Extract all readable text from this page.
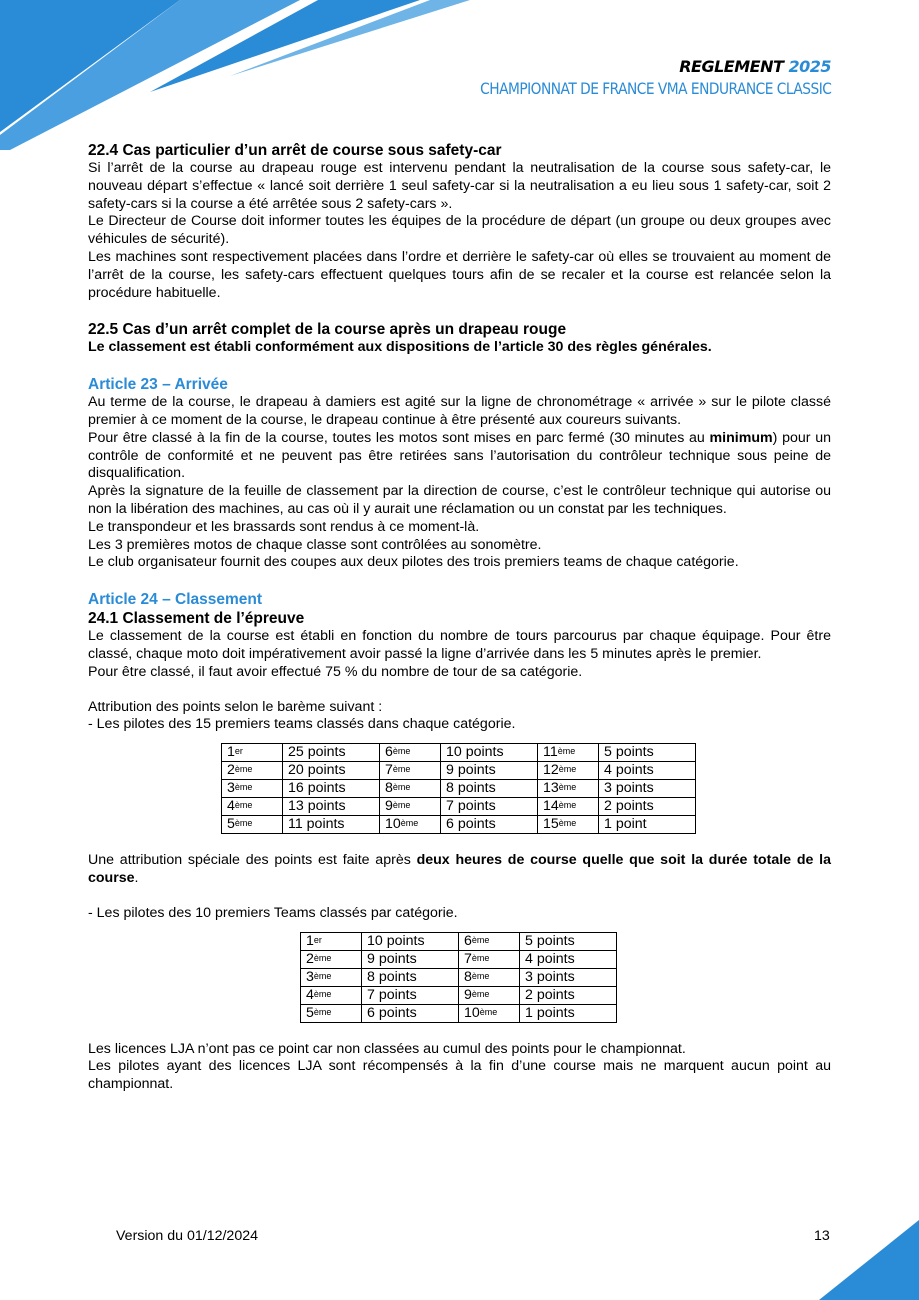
REGLEMENT 2025
CHAMPIONNAT DE FRANCE VMA ENDURANCE CLASSIC
22.4 Cas particulier d’un arrêt de course sous safety-car

Si l’arrêt de la course au drapeau rouge est intervenu pendant la neutralisation de la course sous safety-car, le nouveau départ s’effectue « lancé soit derrière 1 seul safety-car si la neutralisation a eu lieu sous 1 safety-car, soit 2 safety-cars si la course a été arrêtée sous 2 safety-cars ».

Le Directeur de Course doit informer toutes les équipes de la procédure de départ (un groupe ou deux groupes avec véhicules de sécurité).

Les machines sont respectivement placées dans l’ordre et derrière le safety-car où elles se trouvaient au moment de l’arrêt de la course, les safety-cars effectuent quelques tours afin de se recaler et la course est relancée selon la procédure habituelle.

22.5 Cas d’un arrêt complet de la course après un drapeau rouge

Le classement est établi conformément aux dispositions de l’article 30 des règles générales.

Article 23 – Arrivée

Au terme de la course, le drapeau à damiers est agité sur la ligne de chronométrage « arrivée » sur le pilote classé premier à ce moment de la course, le drapeau continue à être présenté aux coureurs suivants.

Pour être classé à la fin de la course, toutes les motos sont mises en parc fermé (30 minutes au minimum) pour un contrôle de conformité et ne peuvent pas être retirées sans l’autorisation du contrôleur technique sous peine de disqualification.

Après la signature de la feuille de classement par la direction de course, c’est le contrôleur technique qui autorise ou non la libération des machines, au cas où il y aurait une réclamation ou un constat par les techniques.

Le transpondeur et les brassards sont rendus à ce moment-là.

Les 3 premières motos de chaque classe sont contrôlées au sonomètre.

Le club organisateur fournit des coupes aux deux pilotes des trois premiers teams de chaque catégorie.

Article 24 – Classement
24.1 Classement de l’épreuve

Le classement de la course est établi en fonction du nombre de tours parcourus par chaque équipage. Pour être classé, chaque moto doit impérativement avoir passé la ligne d’arrivée dans les 5 minutes après le premier.

Pour être classé, il faut avoir effectué 75 % du nombre de tour de sa catégorie.

Attribution des points selon le barème suivant :

- Les pilotes des 15 premiers teams classés dans chaque catégorie.

1er	25 points	6ème	10 points	11ème	5 points
2ème	20 points	7ème	9 points	12ème	4 points
3ème	16 points	8ème	8 points	13ème	3 points
4ème	13 points	9ème	7 points	14ème	2 points
5ème	11 points	10ème	6 points	15ème	1 point

Une attribution spéciale des points est faite après deux heures de course quelle que soit la durée totale de la course.

- Les pilotes des 10 premiers Teams classés par catégorie.

1er	10 points	6ème	5 points
2ème	9 points	7ème	4 points
3ème	8 points	8ème	3 points
4ème	7 points	9ème	2 points
5ème	6 points	10ème	1 points

Les licences LJA n’ont pas ce point car non classées au cumul des points pour le championnat.

Les pilotes ayant des licences LJA sont récompensés à la fin d’une course mais ne marquent aucun point au championnat.

Version du 01/12/2024	13
